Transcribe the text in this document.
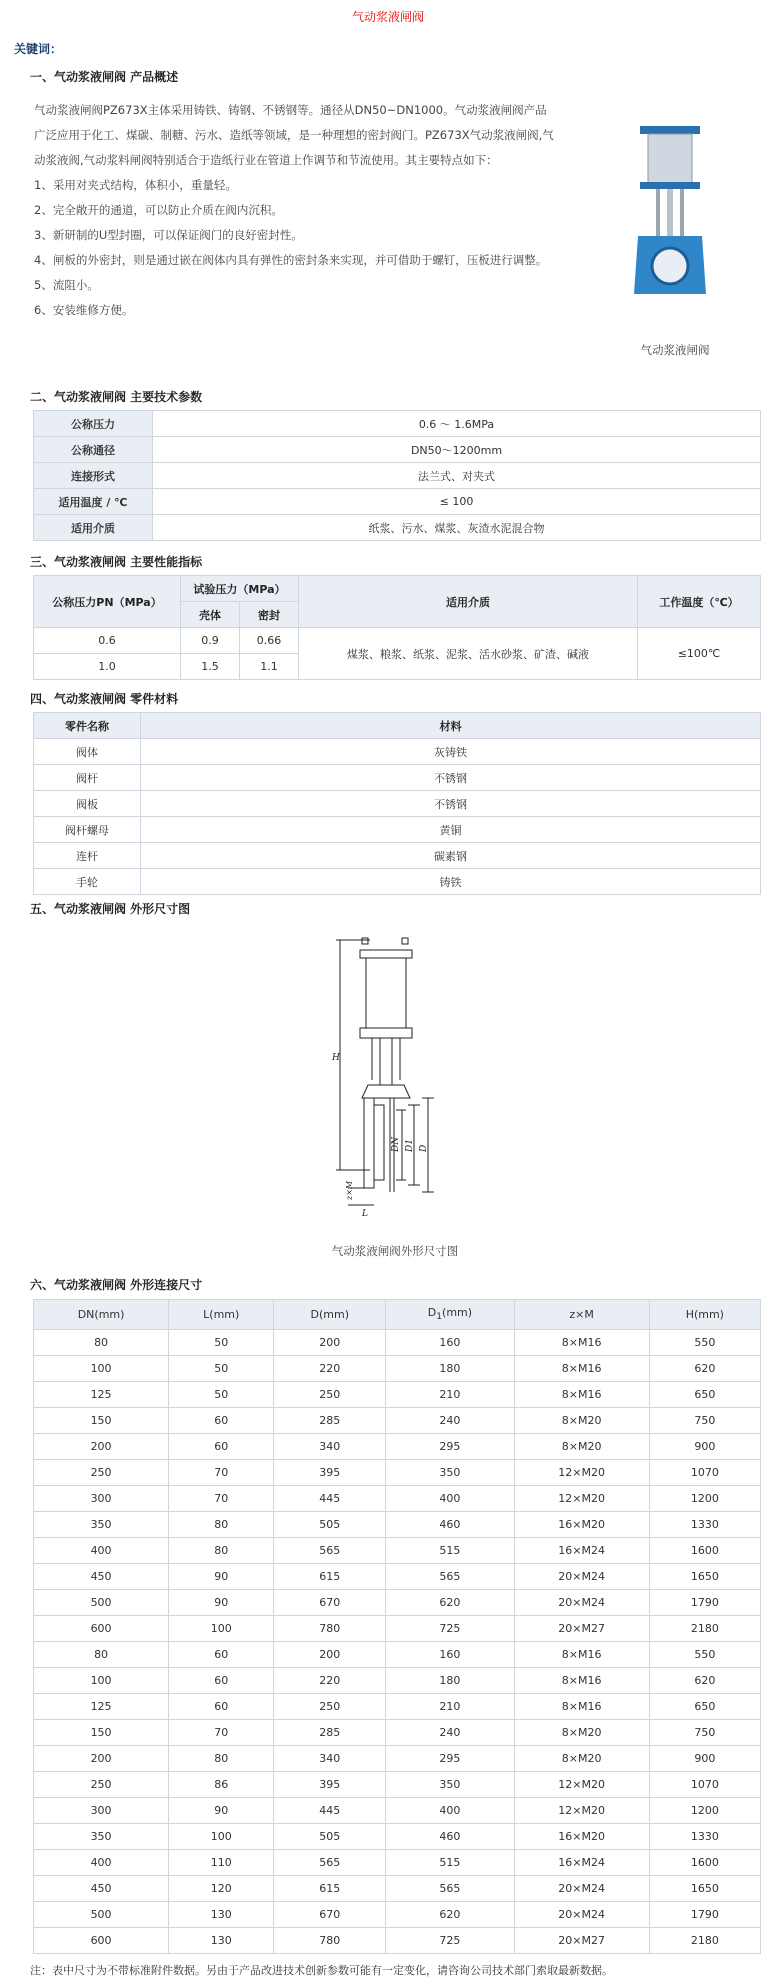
气动浆液闸阀
关键词：
一、气动浆液闸阀 产品概述

气动浆液闸阀PZ673X主体采用铸铁、铸钢、不锈钢等。通径从DN50~DN1000。气动浆液闸阀产品广泛应用于化工、煤碳、制糖、污水、造纸等领域，是一种理想的密封阀门。PZ673X气动浆液闸阀,气动浆液阀,气动浆料闸阀特别适合于造纸行业在管道上作调节和节流使用。其主要特点如下：

1、采用对夹式结构，体积小，重量轻。

2、完全敞开的通道，可以防止介质在阀内沉积。

3、新研制的U型封圈，可以保证阀门的良好密封性。

4、闸板的外密封，则是通过嵌在阀体内具有弹性的密封条来实现，并可借助于螺钉，压板进行调整。

5、流阻小。

6、安装维修方便。

气动浆液闸阀
二、气动浆液闸阀 主要技术参数
公称压力	0.6 ～ 1.6MPa
公称通径	DN50～1200mm
连接形式	法兰式、对夹式
适用温度 / ℃	≤ 100
适用介质	纸浆、污水、煤浆、灰渣水泥混合物
三、气动浆液闸阀 主要性能指标
公称压力PN（MPa）	试验压力（MPa）		适用介质	工作温度（℃）
	壳体	密封		
0.6	0.9	0.66	煤浆、粮浆、纸浆、泥浆、活水砂浆、矿渣、碱液	≤100℃
1.0	1.5	1.1		
四、气动浆液闸阀 零件材料
零件名称	材料
阀体	灰铸铁
阀杆	不锈钢
阀板	不锈钢
阀杆螺母	黄铜
连杆	碳素钢
手轮	铸铁
五、气动浆液闸阀 外形尺寸图
H
DN D1 D
z×M
L
气动浆液闸阀外形尺寸图
六、气动浆液闸阀 外形连接尺寸
DN(mm)	L(mm)	D(mm)	$D_1(mm)$	z×M	H(mm)
80	50	200	160	8×M16	550
100	50	220	180	8×M16	620
125	50	250	210	8×M16	650
150	60	285	240	8×M20	750
200	60	340	295	8×M20	900
250	70	395	350	12×M20	1070
300	70	445	400	12×M20	1200
350	80	505	460	16×M20	1330
400	80	565	515	16×M24	1600
450	90	615	565	20×M24	1650
500	90	670	620	20×M24	1790
600	100	780	725	20×M27	2180
80	60	200	160	8×M16	550
100	60	220	180	8×M16	620
125	60	250	210	8×M16	650
150	70	285	240	8×M20	750
200	80	340	295	8×M20	900
250	86	395	350	12×M20	1070
300	90	445	400	12×M20	1200
350	100	505	460	16×M20	1330
400	110	565	515	16×M24	1600
450	120	615	565	20×M24	1650
500	130	670	620	20×M24	1790
600	130	780	725	20×M27	2180
注：表中尺寸为不带标准附件数据。另由于产品改进技术创新参数可能有一定变化，请咨询公司技术部门索取最新数据。
